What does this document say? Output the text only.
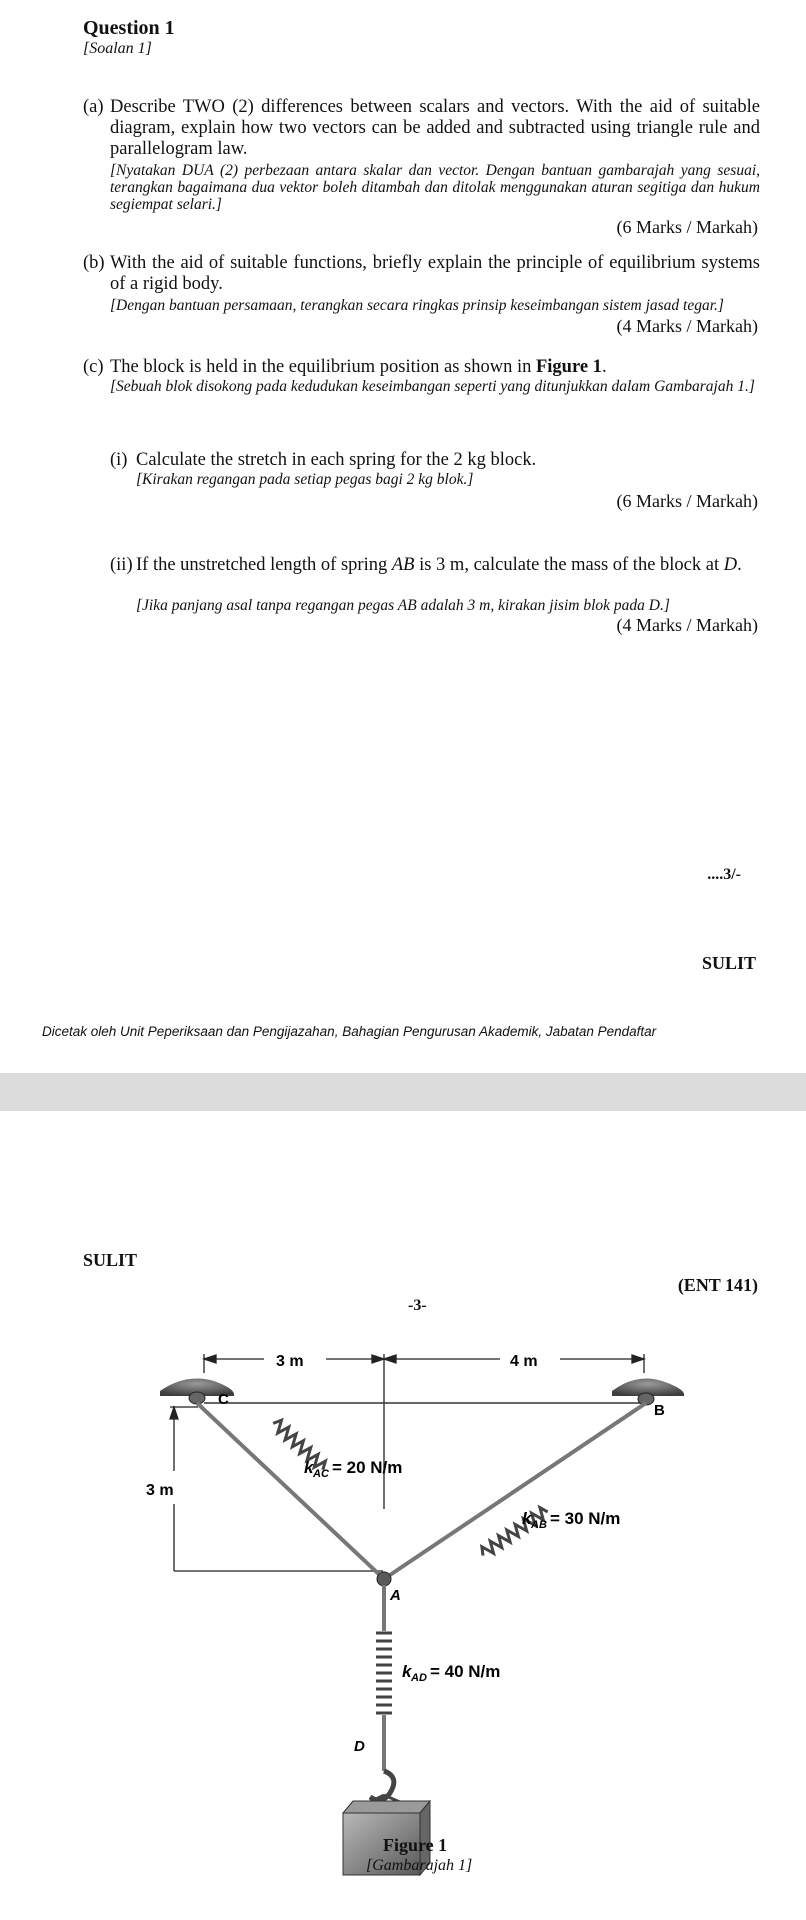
Question 1
[Soalan 1]
(a) Describe TWO (2) differences between scalars and vectors. With the aid of suitable diagram, explain how two vectors can be added and subtracted using triangle rule and parallelogram law.
[Nyatakan DUA (2) perbezaan antara skalar dan vector. Dengan bantuan gambarajah yang sesuai, terangkan bagaimana dua vektor boleh ditambah dan ditolak menggunakan aturan segitiga dan hukum segiempat selari.]
(6 Marks / Markah)
(b) With the aid of suitable functions, briefly explain the principle of equilibrium systems of a rigid body.
[Dengan bantuan persamaan, terangkan secara ringkas prinsip keseimbangan sistem jasad tegar.]
(4 Marks / Markah)
(c) The block is held in the equilibrium position as shown in Figure 1.
[Sebuah blok disokong pada kedudukan keseimbangan seperti yang ditunjukkan dalam Gambarajah 1.]
(i) Calculate the stretch in each spring for the 2 kg block.
[Kirakan regangan pada setiap pegas bagi 2 kg blok.]
(6 Marks / Markah)
(ii) If the unstretched length of spring AB is 3 m, calculate the mass of the block at D.
[Jika panjang asal tanpa regangan pegas AB adalah 3 m, kirakan jisim blok pada D.]
(4 Marks / Markah)
....3/-
SULIT
Dicetak oleh Unit Peperiksaan dan Pengijazahan, Bahagian Pengurusan Akademik, Jabatan Pendaftar
SULIT
(ENT 141)
-3-
3 m	4 m
3 m
C
B
A
D
k AC = 20 N/m
k AB = 30 N/m
k AD = 40 N/m
Figure 1
[Gambarajah 1]
